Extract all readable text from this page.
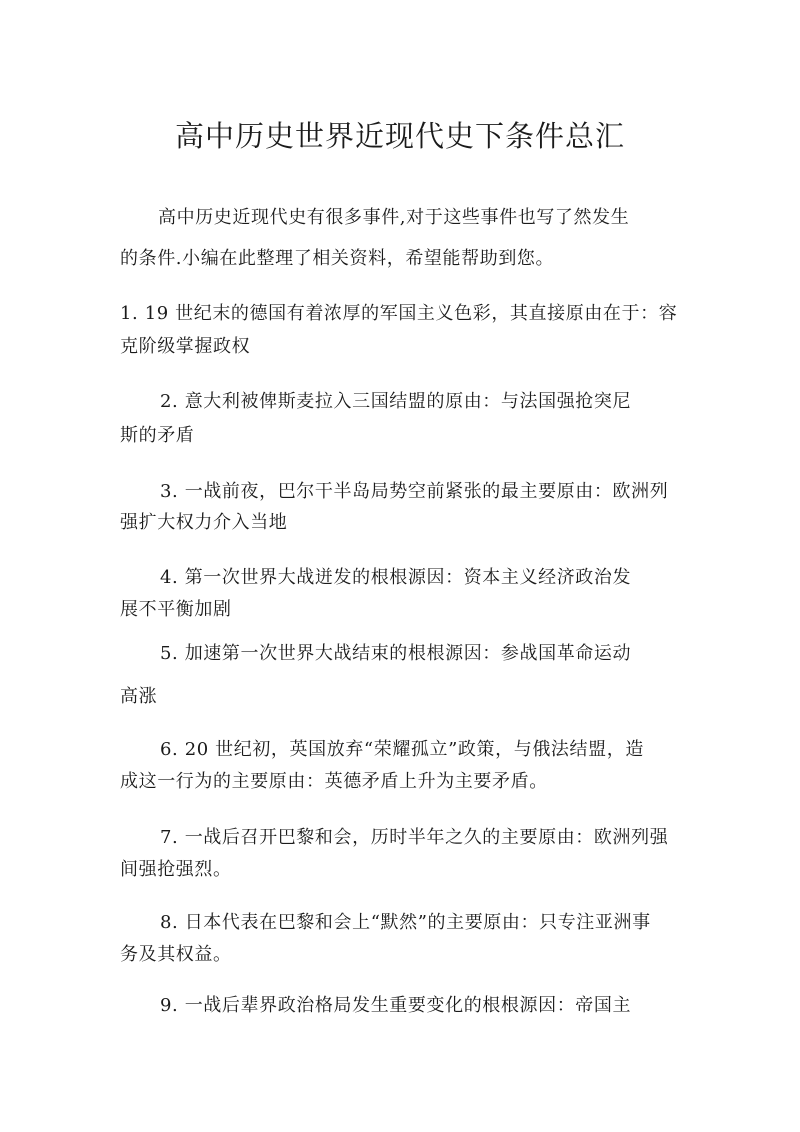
高中历史世界近现代史下条件总汇
高中历史近现代史有很多事件,对于这些事件也写了然发生
的条件.小编在此整理了相关资料，希望能帮助到您。
1. 19 世纪末的德国有着浓厚的军国主义色彩，其直接原由在于：容
克阶级掌握政权
2. 意大利被俾斯麦拉入三国结盟的原由：与法国强抢突尼
斯的矛盾
3. 一战前夜，巴尔干半岛局势空前紧张的最主要原由：欧洲列
强扩大权力介入当地
4. 第一次世界大战迸发的根根源因：资本主义经济政治发
展不平衡加剧
5. 加速第一次世界大战结束的根根源因：参战国革命运动
高涨
6. 20 世纪初，英国放弃“荣耀孤立”政策，与俄法结盟，造
成这一行为的主要原由：英德矛盾上升为主要矛盾。
7. 一战后召开巴黎和会，历时半年之久的主要原由：欧洲列强
间强抢强烈。
8. 日本代表在巴黎和会上“默然”的主要原由：只专注亚洲事
务及其权益。
9. 一战后辈界政治格局发生重要变化的根根源因：帝国主
